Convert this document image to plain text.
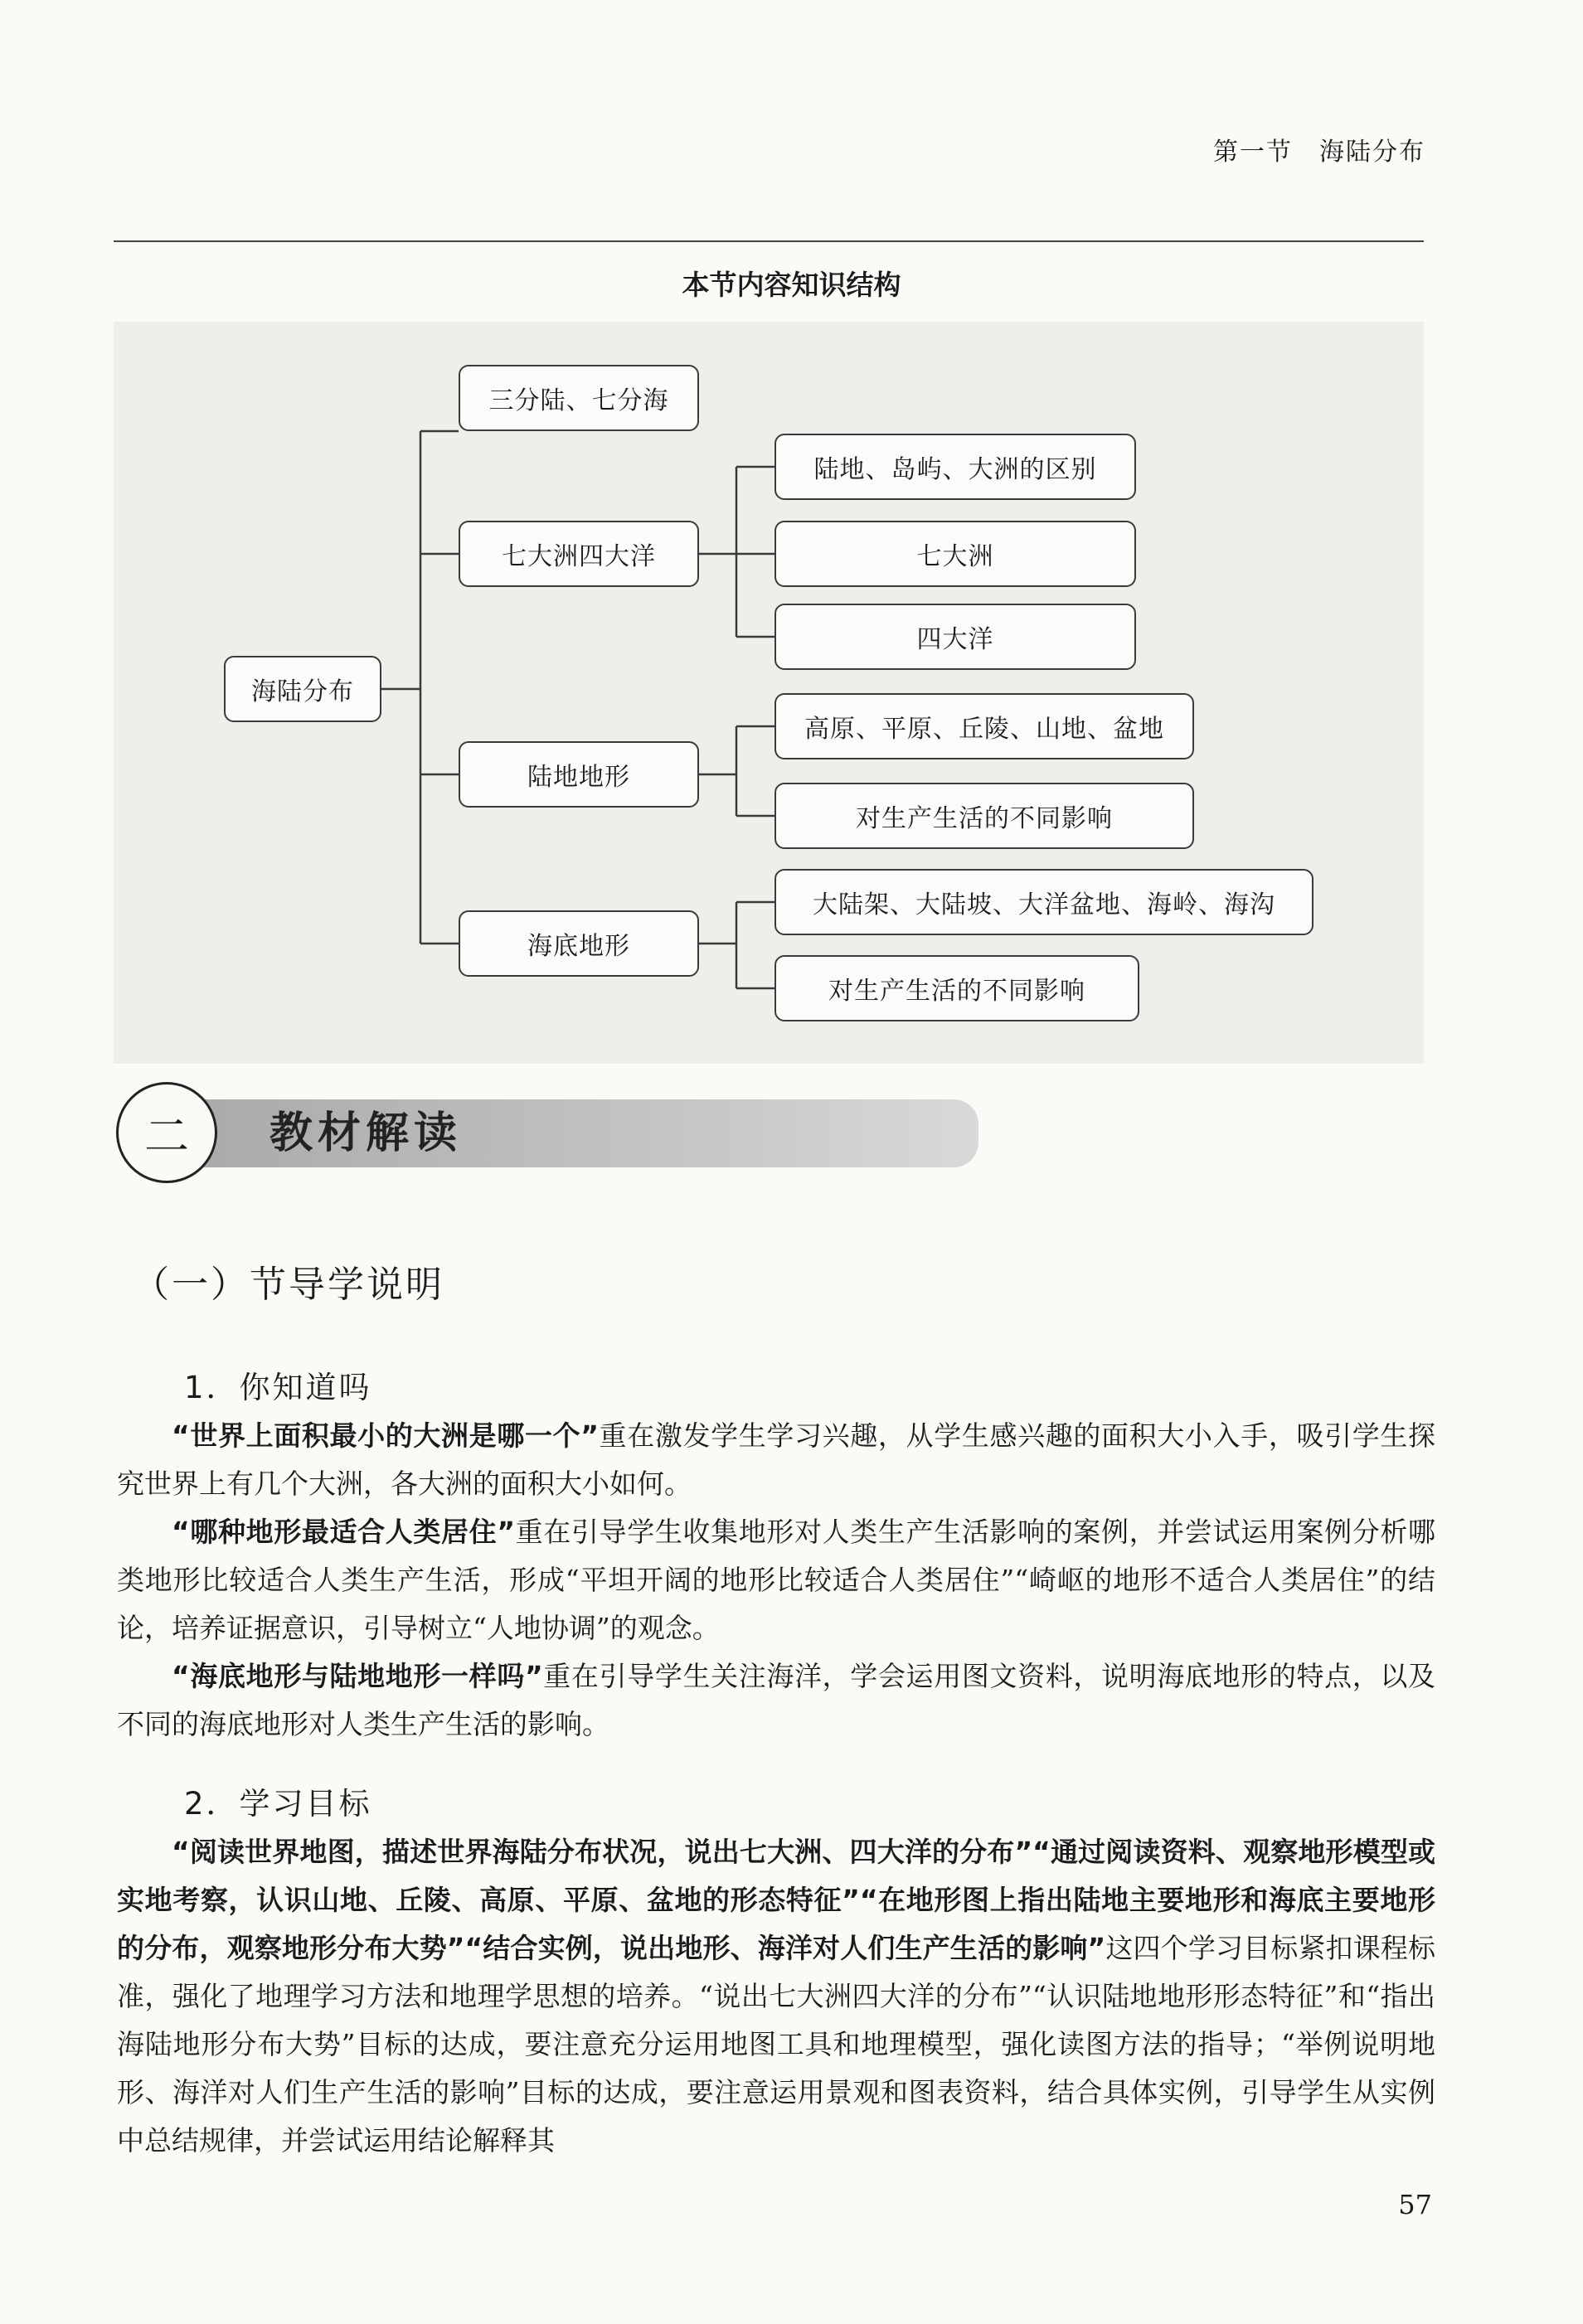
第一节　海陆分布
本节内容知识结构
海陆分布
三分陆、七分海
七大洲四大洋
陆地、岛屿、大洲的区别
七大洲
四大洋
陆地地形
高原、平原、丘陵、山地、盆地
对生产生活的不同影响
海底地形
大陆架、大陆坡、大洋盆地、海岭、海沟
对生产生活的不同影响
二	教材解读
（一）节导学说明
1．你知道吗

“世界上面积最小的大洲是哪一个”重在激发学生学习兴趣，从学生感兴趣的面积大小入手，吸引学生探究世界上有几个大洲，各大洲的面积大小如何。

“哪种地形最适合人类居住”重在引导学生收集地形对人类生产生活影响的案例，并尝试运用案例分析哪类地形比较适合人类生产生活，形成“平坦开阔的地形比较适合人类居住”“崎岖的地形不适合人类居住”的结论，培养证据意识，引导树立“人地协调”的观念。

“海底地形与陆地地形一样吗”重在引导学生关注海洋，学会运用图文资料，说明海底地形的特点，以及不同的海底地形对人类生产生活的影响。

2．学习目标

“阅读世界地图，描述世界海陆分布状况，说出七大洲、四大洋的分布”“通过阅读资料、观察地形模型或实地考察，认识山地、丘陵、高原、平原、盆地的形态特征”“在地形图上指出陆地主要地形和海底主要地形的分布，观察地形分布大势”“结合实例，说出地形、海洋对人们生产生活的影响”这四个学习目标紧扣课程标准，强化了地理学习方法和地理学思想的培养。“说出七大洲四大洋的分布”“认识陆地地形形态特征”和“指出海陆地形分布大势”目标的达成，要注意充分运用地图工具和地理模型，强化读图方法的指导；“举例说明地形、海洋对人们生产生活的影响”目标的达成，要注意运用景观和图表资料，结合具体实例，引导学生从实例中总结规律，并尝试运用结论解释其

57
